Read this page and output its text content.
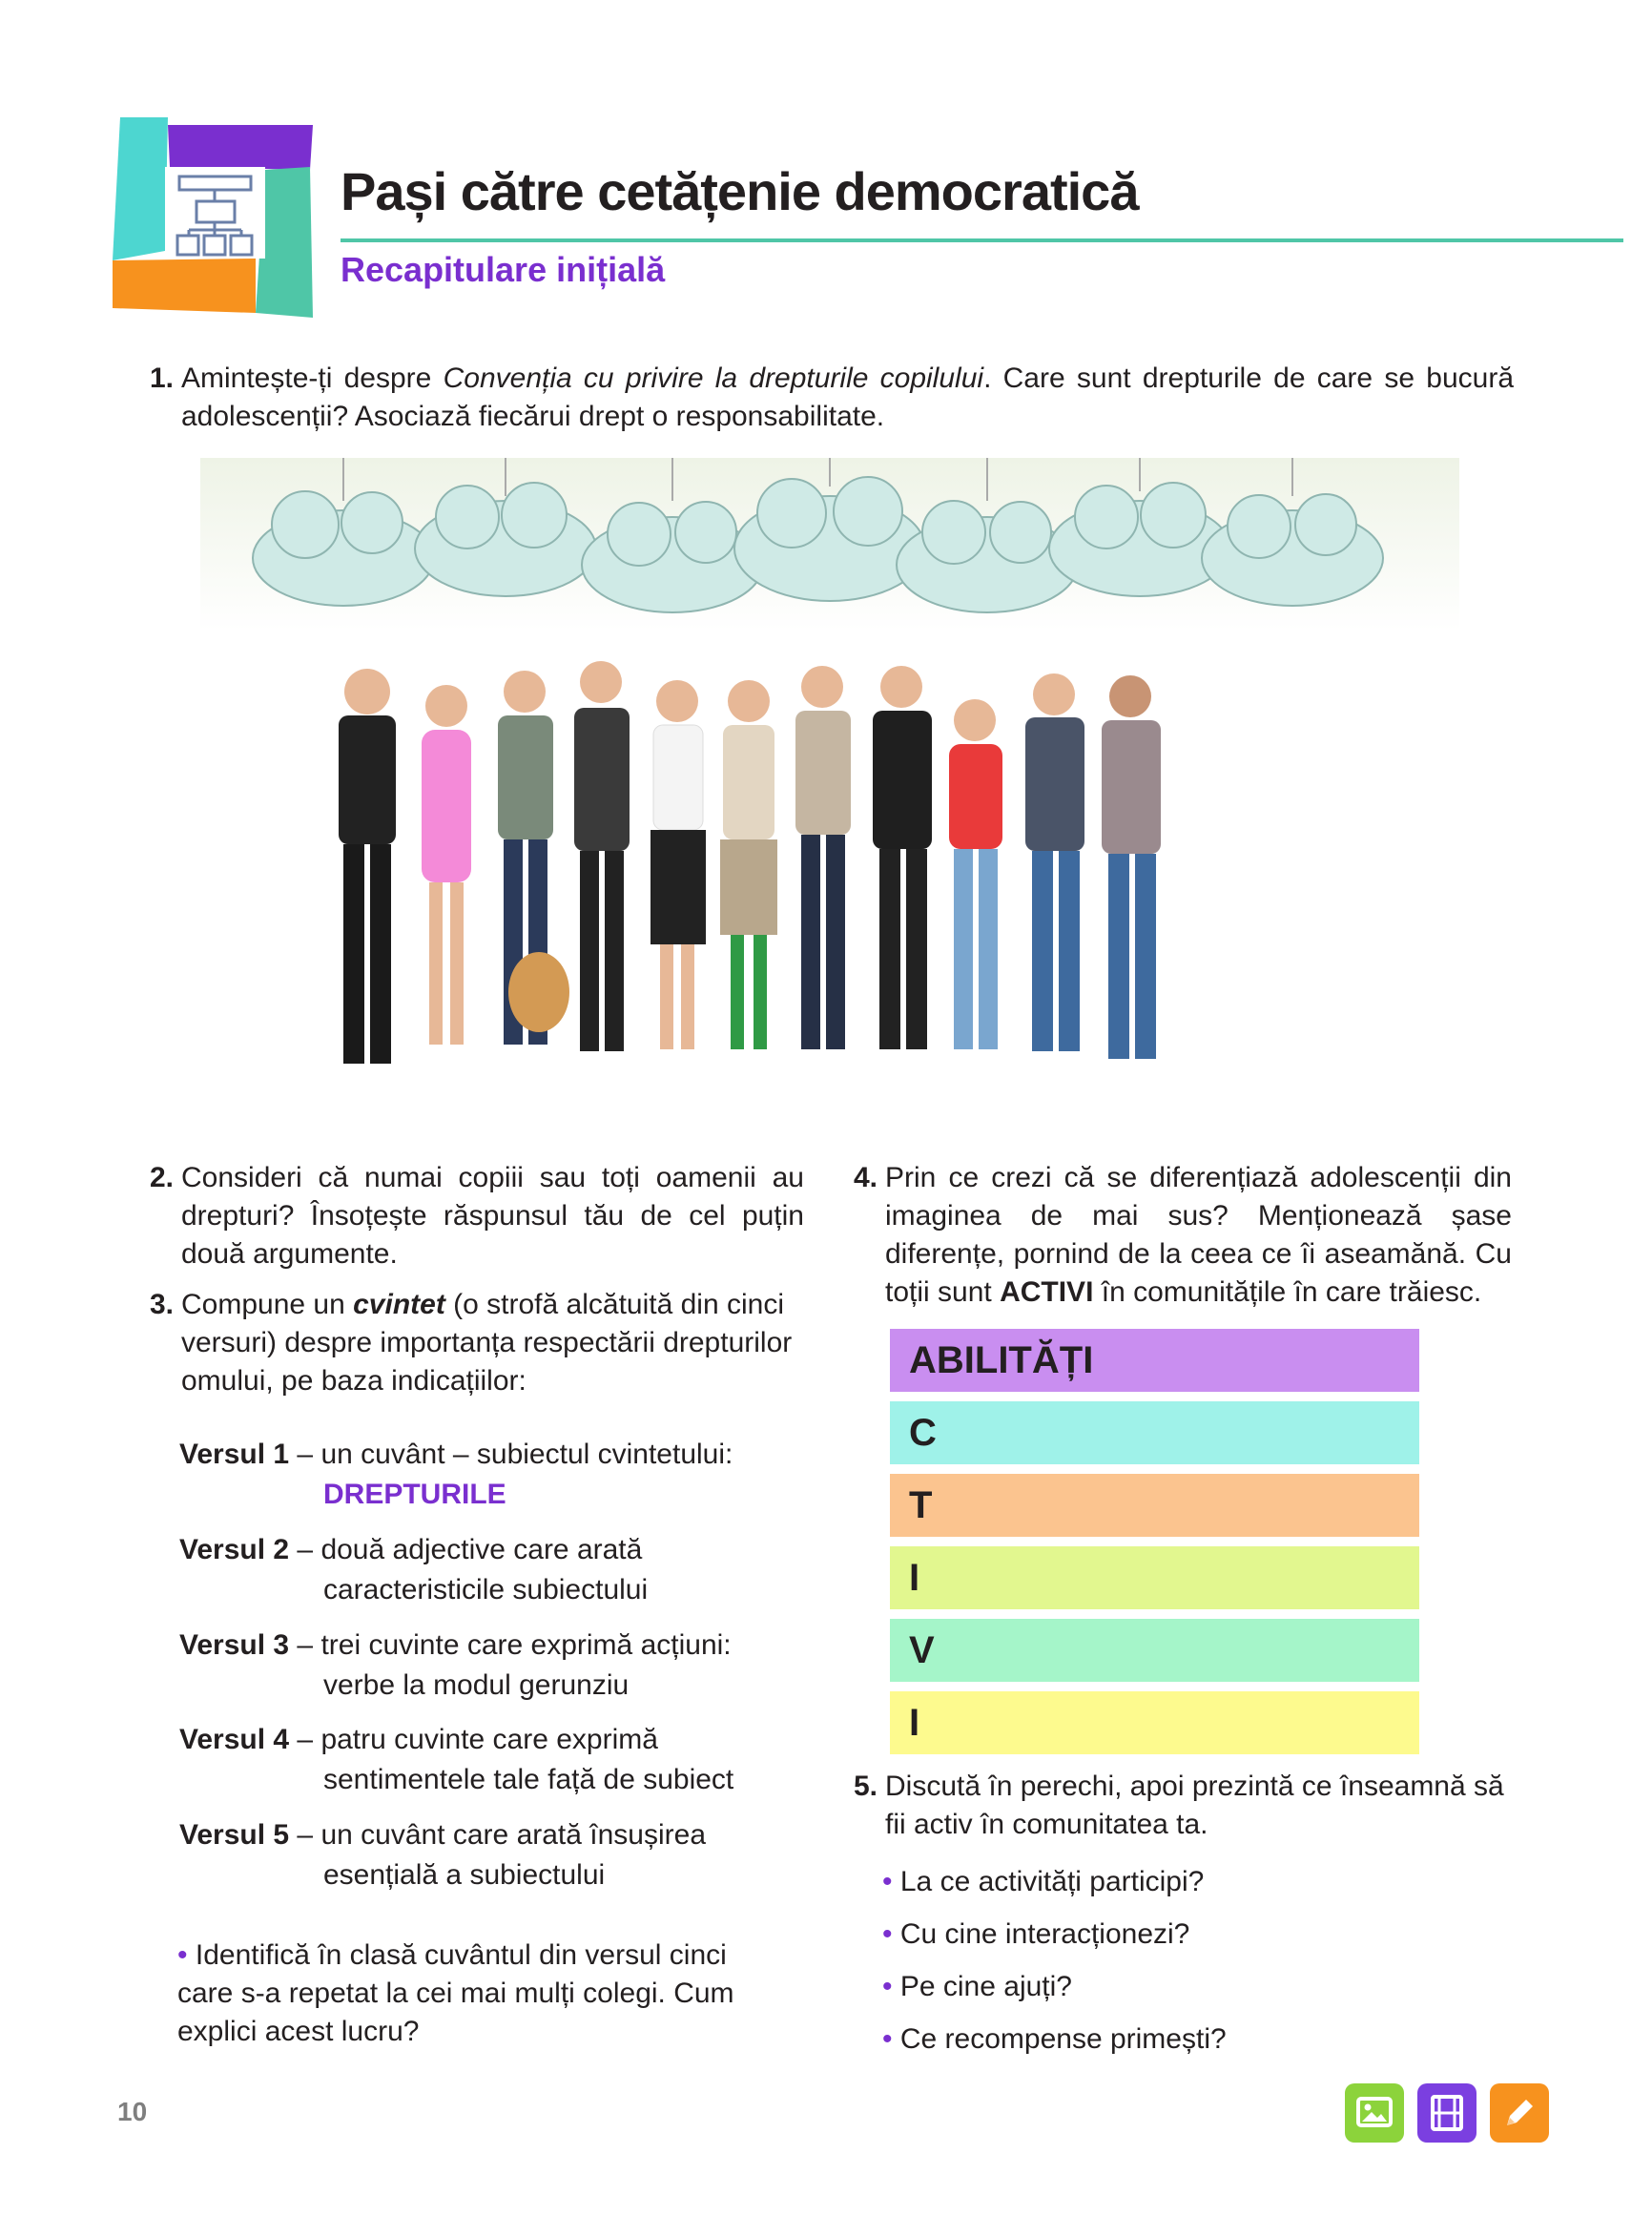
Pași către cetățenie democratică
Recapitulare inițială
1. Amintește-ți despre Convenția cu privire la drepturile copilului. Care sunt drepturile de care se bucură adolescenții? Asociază fiecărui drept o responsabilitate.
2. Consideri că numai copiii sau toți oamenii au drepturi? Însoțește răspunsul tău de cel puțin două argumente.
3. Compune un cvintet (o strofă alcătuită din cinci versuri) despre importanța respectării drepturilor omului, pe baza indicațiilor:
Versul 1 – un cuvânt – subiectul cvintetului:
DREPTURILE
Versul 2 – două adjective care arată
caracteristicile subiectului
Versul 3 – trei cuvinte care exprimă acțiuni:
verbe la modul gerunziu
Versul 4 – patru cuvinte care exprimă
sentimentele tale față de subiect
Versul 5 – un cuvânt care arată însușirea
esențială a subiectului
• Identifică în clasă cuvântul din versul cinci care s-a repetat la cei mai mulți colegi. Cum explici acest lucru?
4. Prin ce crezi că se diferențiază adolescenții din imaginea de mai sus? Menționează șase diferențe, pornind de la ceea ce îi aseamănă. Cu toții sunt ACTIVI în comunitățile în care trăiesc.
ABILITĂȚI
C
T
I
V
I
5. Discută în perechi, apoi prezintă ce înseamnă să fii activ în comunitatea ta.
• La ce activități participi?
• Cu cine interacționezi?
• Pe cine ajuți?
• Ce recompense primești?
10
